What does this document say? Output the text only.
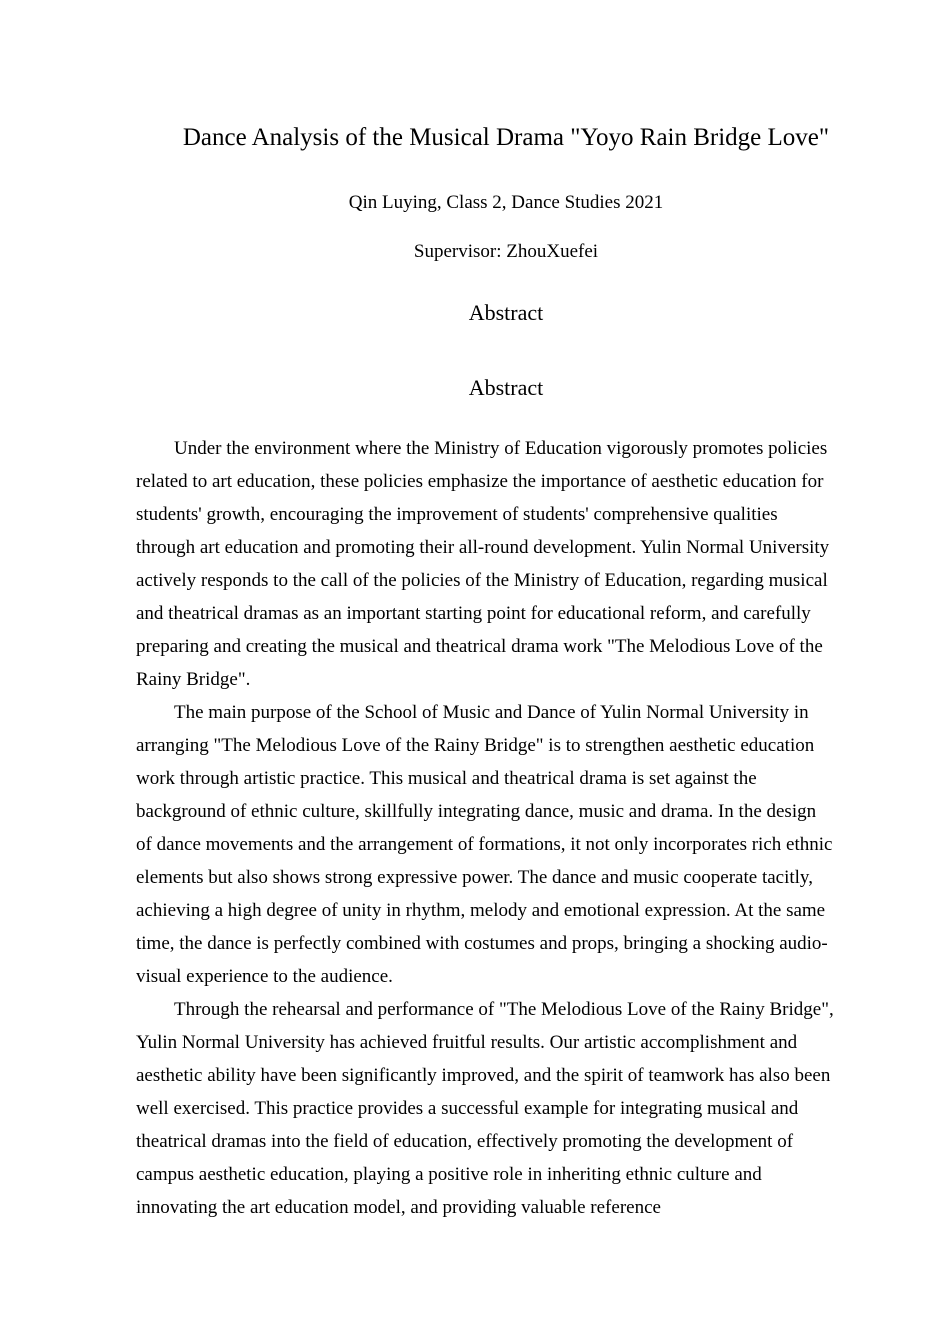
Dance Analysis of the Musical Drama "Yoyo Rain Bridge Love"

Qin Luying, Class 2, Dance Studies 2021

Supervisor: ZhouXuefei

Abstract
Abstract

Under the environment where the Ministry of Education vigorously promotes policies related to art education, these policies emphasize the importance of aesthetic education for students' growth, encouraging the improvement of students' comprehensive qualities through art education and promoting their all-round development. Yulin Normal University actively responds to the call of the policies of the Ministry of Education, regarding musical and theatrical dramas as an important starting point for educational reform, and carefully preparing and creating the musical and theatrical drama work "The Melodious Love of the Rainy Bridge".

The main purpose of the School of Music and Dance of Yulin Normal University in arranging "The Melodious Love of the Rainy Bridge" is to strengthen aesthetic education work through artistic practice. This musical and theatrical drama is set against the background of ethnic culture, skillfully integrating dance, music and drama. In the design of dance movements and the arrangement of formations, it not only incorporates rich ethnic elements but also shows strong expressive power. The dance and music cooperate tacitly, achieving a high degree of unity in rhythm, melody and emotional expression. At the same time, the dance is perfectly combined with costumes and props, bringing a shocking audio-visual experience to the audience.

Through the rehearsal and performance of "The Melodious Love of the Rainy Bridge", Yulin Normal University has achieved fruitful results. Our artistic accomplishment and aesthetic ability have been significantly improved, and the spirit of teamwork has also been well exercised. This practice provides a successful example for integrating musical and theatrical dramas into the field of education, effectively promoting the development of campus aesthetic education, playing a positive role in inheriting ethnic culture and innovating the art education model, and providing valuable reference
